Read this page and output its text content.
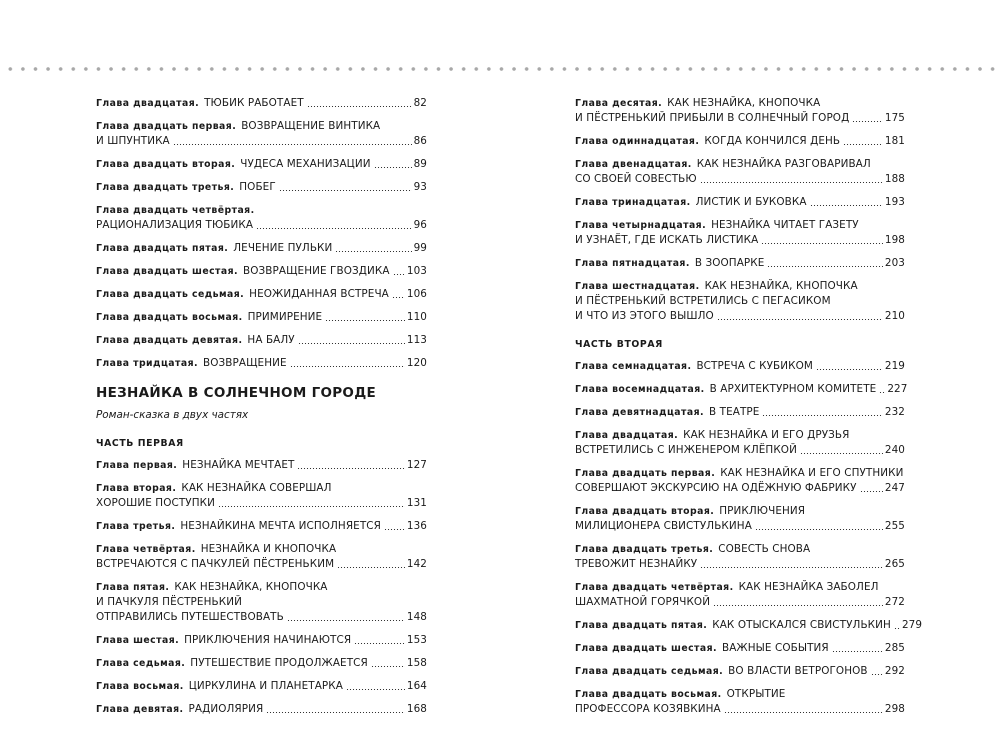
Глава двадцатая. ТЮБИК РАБОТАЕТ	82
Глава двадцать первая. ВОЗВРАЩЕНИЕ ВИНТИКА
И ШПУНТИКА	86
Глава двадцать вторая. ЧУДЕСА МЕХАНИЗАЦИИ	89
Глава двадцать третья. ПОБЕГ	93
Глава двадцать четвёртая.
РАЦИОНАЛИЗАЦИЯ ТЮБИКА	96
Глава двадцать пятая. ЛЕЧЕНИЕ ПУЛЬКИ	99
Глава двадцать шестая. ВОЗВРАЩЕНИЕ ГВОЗДИКА 103
Глава двадцать седьмая. НЕОЖИДАННАЯ ВСТРЕЧА 106
Глава двадцать восьмая. ПРИМИРЕНИЕ	110
Глава двадцать девятая. НА БАЛУ	113
Глава тридцатая. ВОЗВРАЩЕНИЕ	120
НЕЗНАЙКА В СОЛНЕЧНОМ ГОРОДЕ
Роман-сказка в двух частях
ЧАСТЬ ПЕРВАЯ
Глава первая. НЕЗНАЙКА МЕЧТАЕТ	127
Глава вторая. КАК НЕЗНАЙКА СОВЕРШАЛ
ХОРОШИЕ ПОСТУПКИ	131
Глава третья. НЕЗНАЙКИНА МЕЧТА ИСПОЛНЯЕТСЯ 136
Глава четвёртая. НЕЗНАЙКА И КНОПОЧКА
ВСТРЕЧАЮТСЯ С ПАЧКУЛЕЙ ПЁСТРЕНЬКИМ	142
Глава пятая. КАК НЕЗНАЙКА, КНОПОЧКА
И ПАЧКУЛЯ ПЁСТРЕНЬКИЙ
ОТПРАВИЛИСЬ ПУТЕШЕСТВОВАТЬ	148
Глава шестая. ПРИКЛЮЧЕНИЯ НАЧИНАЮТСЯ	153
Глава седьмая. ПУТЕШЕСТВИЕ ПРОДОЛЖАЕТСЯ	158
Глава восьмая. ЦИРКУЛИНА И ПЛАНЕТАРКА	164
Глава девятая. РАДИОЛЯРИЯ	168
Глава десятая. КАК НЕЗНАЙКА, КНОПОЧКА
И ПЁСТРЕНЬКИЙ ПРИБЫЛИ В СОЛНЕЧНЫЙ ГОРОД	175
Глава одиннадцатая. КОГДА КОНЧИЛСЯ ДЕНЬ	181
Глава двенадцатая. КАК НЕЗНАЙКА РАЗГОВАРИВАЛ
СО СВОЕЙ СОВЕСТЬЮ	188
Глава тринадцатая. ЛИСТИК И БУКОВКА	193
Глава четырнадцатая. НЕЗНАЙКА ЧИТАЕТ ГАЗЕТУ
И УЗНАЁТ, ГДЕ ИСКАТЬ ЛИСТИКА	198
Глава пятнадцатая. В ЗООПАРКЕ	203
Глава шестнадцатая. КАК НЕЗНАЙКА, КНОПОЧКА
И ПЁСТРЕНЬКИЙ ВСТРЕТИЛИСЬ С ПЕГАСИКОМ
И ЧТО ИЗ ЭТОГО ВЫШЛО	210
ЧАСТЬ ВТОРАЯ
Глава семнадцатая. ВСТРЕЧА С КУБИКОМ	219
Глава восемнадцатая. В АРХИТЕКТУРНОМ КОМИТЕТЕ 227
Глава девятнадцатая. В ТЕАТРЕ	232
Глава двадцатая. КАК НЕЗНАЙКА И ЕГО ДРУЗЬЯ
ВСТРЕТИЛИСЬ С ИНЖЕНЕРОМ КЛЁПКОЙ	240
Глава двадцать первая. КАК НЕЗНАЙКА И ЕГО СПУТНИКИ
СОВЕРШАЮТ ЭКСКУРСИЮ НА ОДЁЖНУЮ ФАБРИКУ	247
Глава двадцать вторая. ПРИКЛЮЧЕНИЯ
МИЛИЦИОНЕРА СВИСТУЛЬКИНА	255
Глава двадцать третья. СОВЕСТЬ СНОВА
ТРЕВОЖИТ НЕЗНАЙКУ	265
Глава двадцать четвёртая. КАК НЕЗНАЙКА ЗАБОЛЕЛ
ШАХМАТНОЙ ГОРЯЧКОЙ	272
Глава двадцать пятая. КАК ОТЫСКАЛСЯ СВИСТУЛЬКИН 279
Глава двадцать шестая. ВАЖНЫЕ СОБЫТИЯ	285
Глава двадцать седьмая. ВО ВЛАСТИ ВЕТРОГОНОВ 292
Глава двадцать восьмая. ОТКРЫТИЕ
ПРОФЕССОРА КОЗЯВКИНА	298
